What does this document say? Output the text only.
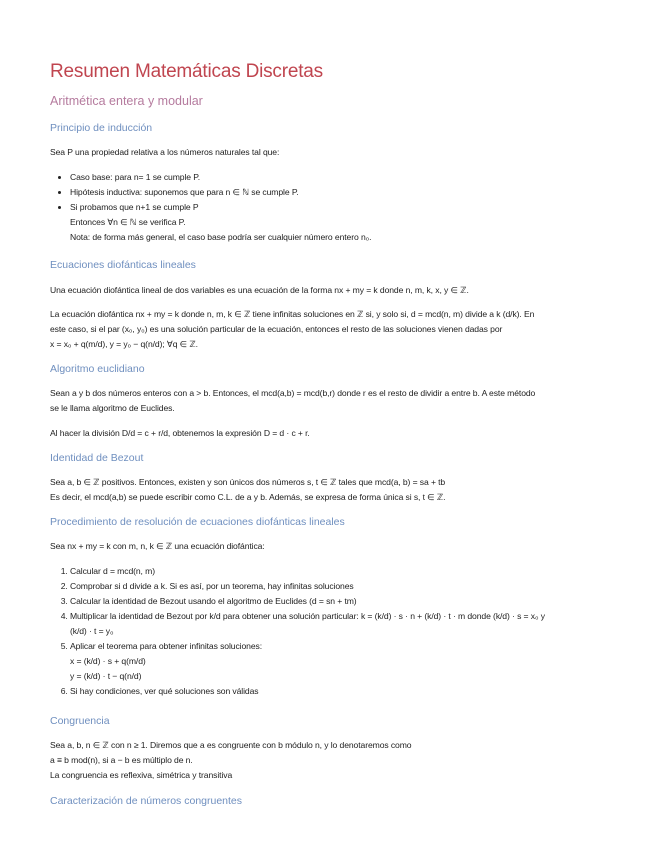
Resumen Matemáticas Discretas
Aritmética entera y modular
Principio de inducción

Sea P una propiedad relativa a los números naturales tal que:

• Caso base: para n= 1 se cumple P.
• Hipótesis inductiva: suponemos que para n ∈ ℕ se cumple P.
• Si probamos que n+1 se cumple P
Entonces ∀n ∈ ℕ se verifica P.
Nota: de forma más general, el caso base podría ser cualquier número entero n₀.
Ecuaciones diofánticas lineales

Una ecuación diofántica lineal de dos variables es una ecuación de la forma nx + my = k donde n, m, k, x, y ∈ ℤ.

La ecuación diofántica nx + my = k donde n, m, k ∈ ℤ tiene infinitas soluciones en ℤ si, y solo si, d = mcd(n, m) divide a k (d/k). En
este caso, si el par (x₀, y₀) es una solución particular de la ecuación, entonces el resto de las soluciones vienen dadas por
x = x₀ + q(m/d), y = y₀ − q(n/d); ∀q ∈ ℤ.
Algoritmo euclidiano
Sean a y b dos números enteros con a > b. Entonces, el mcd(a,b) = mcd(b,r) donde r es el resto de dividir a entre b. A este método
se le llama algoritmo de Euclides.

Al hacer la división D/d = c + r/d, obtenemos la expresión D = d · c + r.

Identidad de Bezout
Sea a, b ∈ ℤ positivos. Entonces, existen y son únicos dos números s, t ∈ ℤ tales que mcd(a, b) = sa + tb
Es decir, el mcd(a,b) se puede escribir como C.L. de a y b. Además, se expresa de forma única si s, t ∈ ℤ.
Procedimiento de resolución de ecuaciones diofánticas lineales

Sea nx + my = k con m, n, k ∈ ℤ una ecuación diofántica:

1. Calcular d = mcd(n, m)
2. Comprobar si d divide a k. Si es así, por un teorema, hay infinitas soluciones
3. Calcular la identidad de Bezout usando el algoritmo de Euclides (d = sn + tm)
4. Multiplicar la identidad de Bezout por k/d para obtener una solución particular: k = (k/d) · s · n + (k/d) · t · m donde (k/d) · s = x₀ y
(k/d) · t = y₀
5. Aplicar el teorema para obtener infinitas soluciones:
x = (k/d) · s + q(m/d)
y = (k/d) · t − q(n/d)
6. Si hay condiciones, ver qué soluciones son válidas
Congruencia
Sea a, b, n ∈ ℤ con n ≥ 1. Diremos que a es congruente con b módulo n, y lo denotaremos como
a ≡ b mod(n), si a − b es múltiplo de n.
La congruencia es reflexiva, simétrica y transitiva
Caracterización de números congruentes
